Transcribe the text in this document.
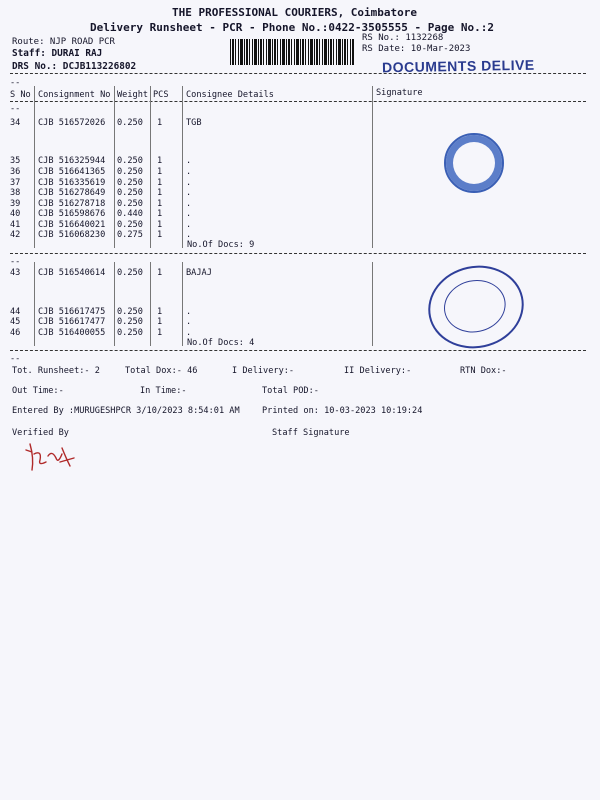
THE PROFESSIONAL COURIERS, Coimbatore
Delivery Runsheet - PCR - Phone No.:0422-3505555 - Page No.:2
Route: NJP ROAD PCR
Staff: DURAI RAJ
DRS No.: DCJB113226802
RS No.: 1132268
RS Date: 10-Mar-2023
DOCUMENTS DELIVE
--
S No Consignment No Weight PCS Consignee Details	Signature
--
34 CJB 516572026 0.250 1	TGB
35 CJB 516325944 0.250 1	.
36 CJB 516641365 0.250 1	.
37 CJB 516335619 0.250 1	.
38 CJB 516278649 0.250 1	.
39 CJB 516278718 0.250 1	.
40 CJB 516598676 0.440 1	.
41 CJB 516640021 0.250 1	.
42 CJB 516068230 0.275 1	.
No.Of Docs: 9
--
43 CJB 516540614 0.250 1	BAJAJ
44 CJB 516617475 0.250 1	.
45 CJB 516617477 0.250 1	.
46 CJB 516400055 0.250 1	.
No.Of Docs: 4
--
Tot. Runsheet:- 2	Total Dox:- 46	I Delivery:-	II Delivery:-	RTN Dox:-
Out Time:-	In Time:-	Total POD:-
Entered By :MURUGESHPCR 3/10/2023 8:54:01 AM	Printed on: 10-03-2023 10:19:24
Verified By	Staff Signature
